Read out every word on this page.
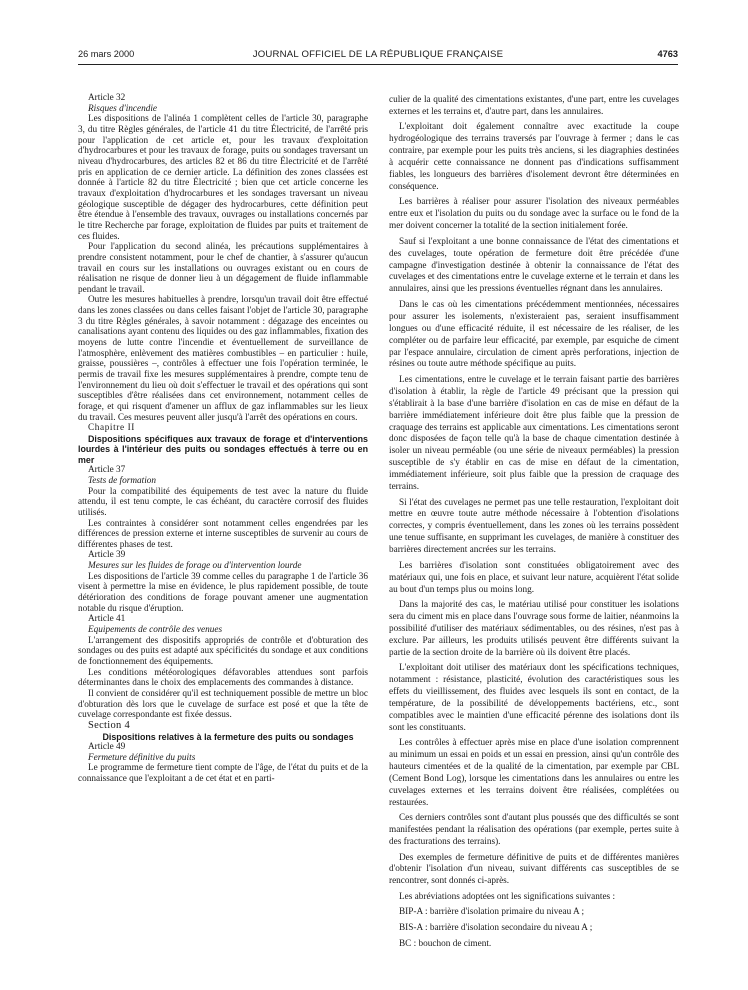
26 mars 2000	JOURNAL OFFICIEL DE LA RÉPUBLIQUE FRANÇAISE	4763

Article 32

Risques d'incendie

Les dispositions de l'alinéa 1 complètent celles de l'article 30, paragraphe 3, du titre Règles générales, de l'article 41 du titre Électricité, de l'arrêté pris pour l'application de cet article et, pour les travaux d'exploitation d'hydrocarbures et pour les travaux de forage, puits ou sondages traversant un niveau d'hydrocarbures, des articles 82 et 86 du titre Électricité et de l'arrêté pris en application de ce dernier article. La définition des zones classées est donnée à l'article 82 du titre Électricité ; bien que cet article concerne les travaux d'exploitation d'hydrocarbures et les sondages traversant un niveau géologique susceptible de dégager des hydrocarbures, cette définition peut être étendue à l'ensemble des travaux, ouvrages ou installations concernés par le titre Recherche par forage, exploitation de fluides par puits et traitement de ces fluides.

Pour l'application du second alinéa, les précautions supplémentaires à prendre consistent notamment, pour le chef de chantier, à s'assurer qu'aucun travail en cours sur les installations ou ouvrages existant ou en cours de réalisation ne risque de donner lieu à un dégagement de fluide inflammable pendant le travail.

Outre les mesures habituelles à prendre, lorsqu'un travail doit être effectué dans les zones classées ou dans celles faisant l'objet de l'article 30, paragraphe 3 du titre Règles générales, à savoir notamment : dégazage des enceintes ou canalisations ayant contenu des liquides ou des gaz inflammables, fixation des moyens de lutte contre l'incendie et éventuellement de surveillance de l'atmosphère, enlèvement des matières combustibles – en particulier : huile, graisse, poussières –, contrôles à effectuer une fois l'opération terminée, le permis de travail fixe les mesures supplémentaires à prendre, compte tenu de l'environnement du lieu où doit s'effectuer le travail et des opérations qui sont susceptibles d'être réalisées dans cet environnement, notamment celles de forage, et qui risquent d'amener un afflux de gaz inflammables sur les lieux du travail. Ces mesures peuvent aller jusqu'à l'arrêt des opérations en cours.

Chapitre II

Dispositions spécifiques aux travaux de forage et d'interventions lourdes à l'intérieur des puits ou sondages effectués à terre ou en mer

Article 37

Tests de formation

Pour la compatibilité des équipements de test avec la nature du fluide attendu, il est tenu compte, le cas échéant, du caractère corrosif des fluides utilisés.

Les contraintes à considérer sont notamment celles engendrées par les différences de pression externe et interne susceptibles de survenir au cours de différentes phases de test.

Article 39

Mesures sur les fluides de forage ou d'intervention lourde

Les dispositions de l'article 39 comme celles du paragraphe 1 de l'article 36 visent à permettre la mise en évidence, le plus rapidement possible, de toute détérioration des conditions de forage pouvant amener une augmentation notable du risque d'éruption.

Article 41

Equipements de contrôle des venues

L'arrangement des dispositifs appropriés de contrôle et d'obturation des sondages ou des puits est adapté aux spécificités du sondage et aux conditions de fonctionnement des équipements.

Les conditions météorologiques défavorables attendues sont parfois déterminantes dans le choix des emplacements des commandes à distance.

Il convient de considérer qu'il est techniquement possible de mettre un bloc d'obturation dès lors que le cuvelage de surface est posé et que la tête de cuvelage correspondante est fixée dessus.

Section 4

Dispositions relatives à la fermeture des puits ou sondages

Article 49

Fermeture définitive du puits

Le programme de fermeture tient compte de l'âge, de l'état du puits et de la connaissance que l'exploitant a de cet état et en parti-

culier de la qualité des cimentations existantes, d'une part, entre les cuvelages externes et les terrains et, d'autre part, dans les annulaires.

L'exploitant doit également connaître avec exactitude la coupe hydrogéologique des terrains traversés par l'ouvrage à fermer ; dans le cas contraire, par exemple pour les puits très anciens, si les diagraphies destinées à acquérir cette connaissance ne donnent pas d'indications suffisamment fiables, les longueurs des barrières d'isolement devront être déterminées en conséquence.

Les barrières à réaliser pour assurer l'isolation des niveaux perméables entre eux et l'isolation du puits ou du sondage avec la surface ou le fond de la mer doivent concerner la totalité de la section initialement forée.

Sauf si l'exploitant a une bonne connaissance de l'état des cimentations et des cuvelages, toute opération de fermeture doit être précédée d'une campagne d'investigation destinée à obtenir la connaissance de l'état des cuvelages et des cimentations entre le cuvelage externe et le terrain et dans les annulaires, ainsi que les pressions éventuelles régnant dans les annulaires.

Dans le cas où les cimentations précédemment mentionnées, nécessaires pour assurer les isolements, n'existeraient pas, seraient insuffisamment longues ou d'une efficacité réduite, il est nécessaire de les réaliser, de les compléter ou de parfaire leur efficacité, par exemple, par esquiche de ciment par l'espace annulaire, circulation de ciment après perforations, injection de résines ou toute autre méthode spécifique au puits.

Les cimentations, entre le cuvelage et le terrain faisant partie des barrières d'isolation à établir, la règle de l'article 49 précisant que la pression qui s'établirait à la base d'une barrière d'isolation en cas de mise en défaut de la barrière immédiatement inférieure doit être plus faible que la pression de craquage des terrains est applicable aux cimentations. Les cimentations seront donc disposées de façon telle qu'à la base de chaque cimentation destinée à isoler un niveau perméable (ou une série de niveaux perméables) la pression susceptible de s'y établir en cas de mise en défaut de la cimentation, immédiatement inférieure, soit plus faible que la pression de craquage des terrains.

Si l'état des cuvelages ne permet pas une telle restauration, l'exploitant doit mettre en œuvre toute autre méthode nécessaire à l'obtention d'isolations correctes, y compris éventuellement, dans les zones où les terrains possèdent une tenue suffisante, en supprimant les cuvelages, de manière à constituer des barrières directement ancrées sur les terrains.

Les barrières d'isolation sont constituées obligatoirement avec des matériaux qui, une fois en place, et suivant leur nature, acquièrent l'état solide au bout d'un temps plus ou moins long.

Dans la majorité des cas, le matériau utilisé pour constituer les isolations sera du ciment mis en place dans l'ouvrage sous forme de laitier, néanmoins la possibilité d'utiliser des matériaux sédimentables, ou des résines, n'est pas à exclure. Par ailleurs, les produits utilisés peuvent être différents suivant la partie de la section droite de la barrière où ils doivent être placés.

L'exploitant doit utiliser des matériaux dont les spécifications techniques, notamment : résistance, plasticité, évolution des caractéristiques sous les effets du vieillissement, des fluides avec lesquels ils sont en contact, de la température, de la possibilité de développements bactériens, etc., sont compatibles avec le maintien d'une efficacité pérenne des isolations dont ils sont les constituants.

Les contrôles à effectuer après mise en place d'une isolation comprennent au minimum un essai en poids et un essai en pression, ainsi qu'un contrôle des hauteurs cimentées et de la qualité de la cimentation, par exemple par CBL (Cement Bond Log), lorsque les cimentations dans les annulaires ou entre les cuvelages externes et les terrains doivent être réalisées, complétées ou restaurées.

Ces derniers contrôles sont d'autant plus poussés que des difficultés se sont manifestées pendant la réalisation des opérations (par exemple, pertes suite à des fracturations des terrains).

Des exemples de fermeture définitive de puits et de différentes manières d'obtenir l'isolation d'un niveau, suivant différents cas susceptibles de se rencontrer, sont donnés ci-après.

Les abréviations adoptées ont les significations suivantes :

BIP-A : barrière d'isolation primaire du niveau A ;

BIS-A : barrière d'isolation secondaire du niveau A ;

BC : bouchon de ciment.
